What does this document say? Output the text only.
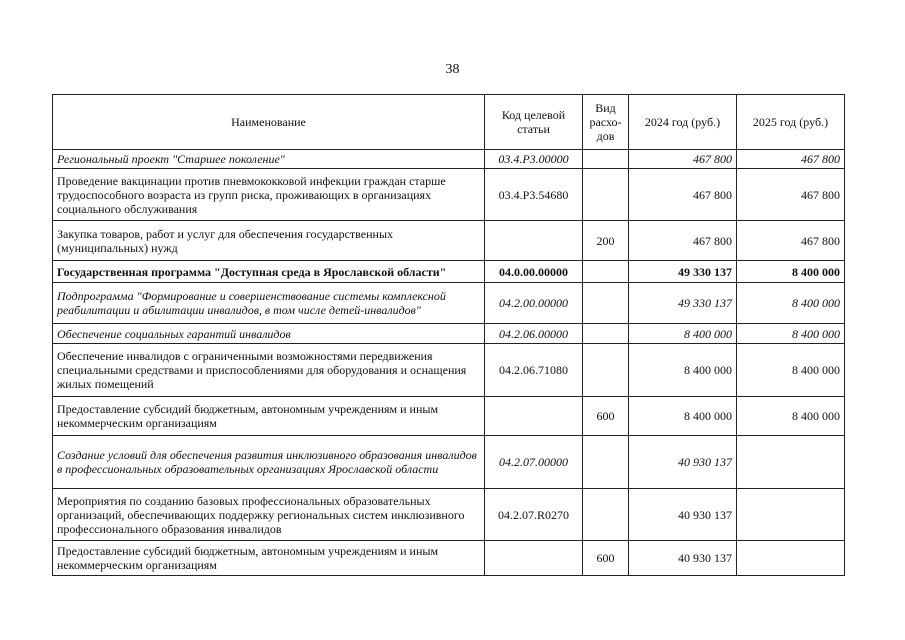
38
Наименование	Код целевой статьи	Вид расхо-дов	2024 год (руб.)	2025 год (руб.)
Региональный проект "Старшее поколение"	03.4.Р3.00000		467 800	467 800
Проведение вакцинации против пневмококковой инфекции граждан старше трудоспособного возраста из групп риска, проживающих в организациях социального обслуживания	03.4.Р3.54680		467 800	467 800
Закупка товаров, работ и услуг для обеспечения государственных (муниципальных) нужд		200	467 800	467 800
Государственная программа "Доступная среда в Ярославской области"	04.0.00.00000		49 330 137	8 400 000
Подпрограмма "Формирование и совершенствование системы комплексной реабилитации и абилитации инвалидов, в том числе детей-инвалидов"	04.2.00.00000		49 330 137	8 400 000
Обеспечение социальных гарантий инвалидов	04.2.06.00000		8 400 000	8 400 000
Обеспечение инвалидов с ограниченными возможностями передвижения специальными средствами и приспособлениями для оборудования и оснащения жилых помещений	04.2.06.71080		8 400 000	8 400 000
Предоставление субсидий бюджетным, автономным учреждениям и иным некоммерческим организациям		600	8 400 000	8 400 000
Создание условий для обеспечения развития инклюзивного образования инвалидов в профессиональных образовательных организациях Ярославской области	04.2.07.00000		40 930 137	
Мероприятия по созданию базовых профессиональных образовательных организаций, обеспечивающих поддержку региональных систем инклюзивного профессионального образования инвалидов	04.2.07.R0270		40 930 137	
Предоставление субсидий бюджетным, автономным учреждениям и иным некоммерческим организациям		600	40 930 137	
